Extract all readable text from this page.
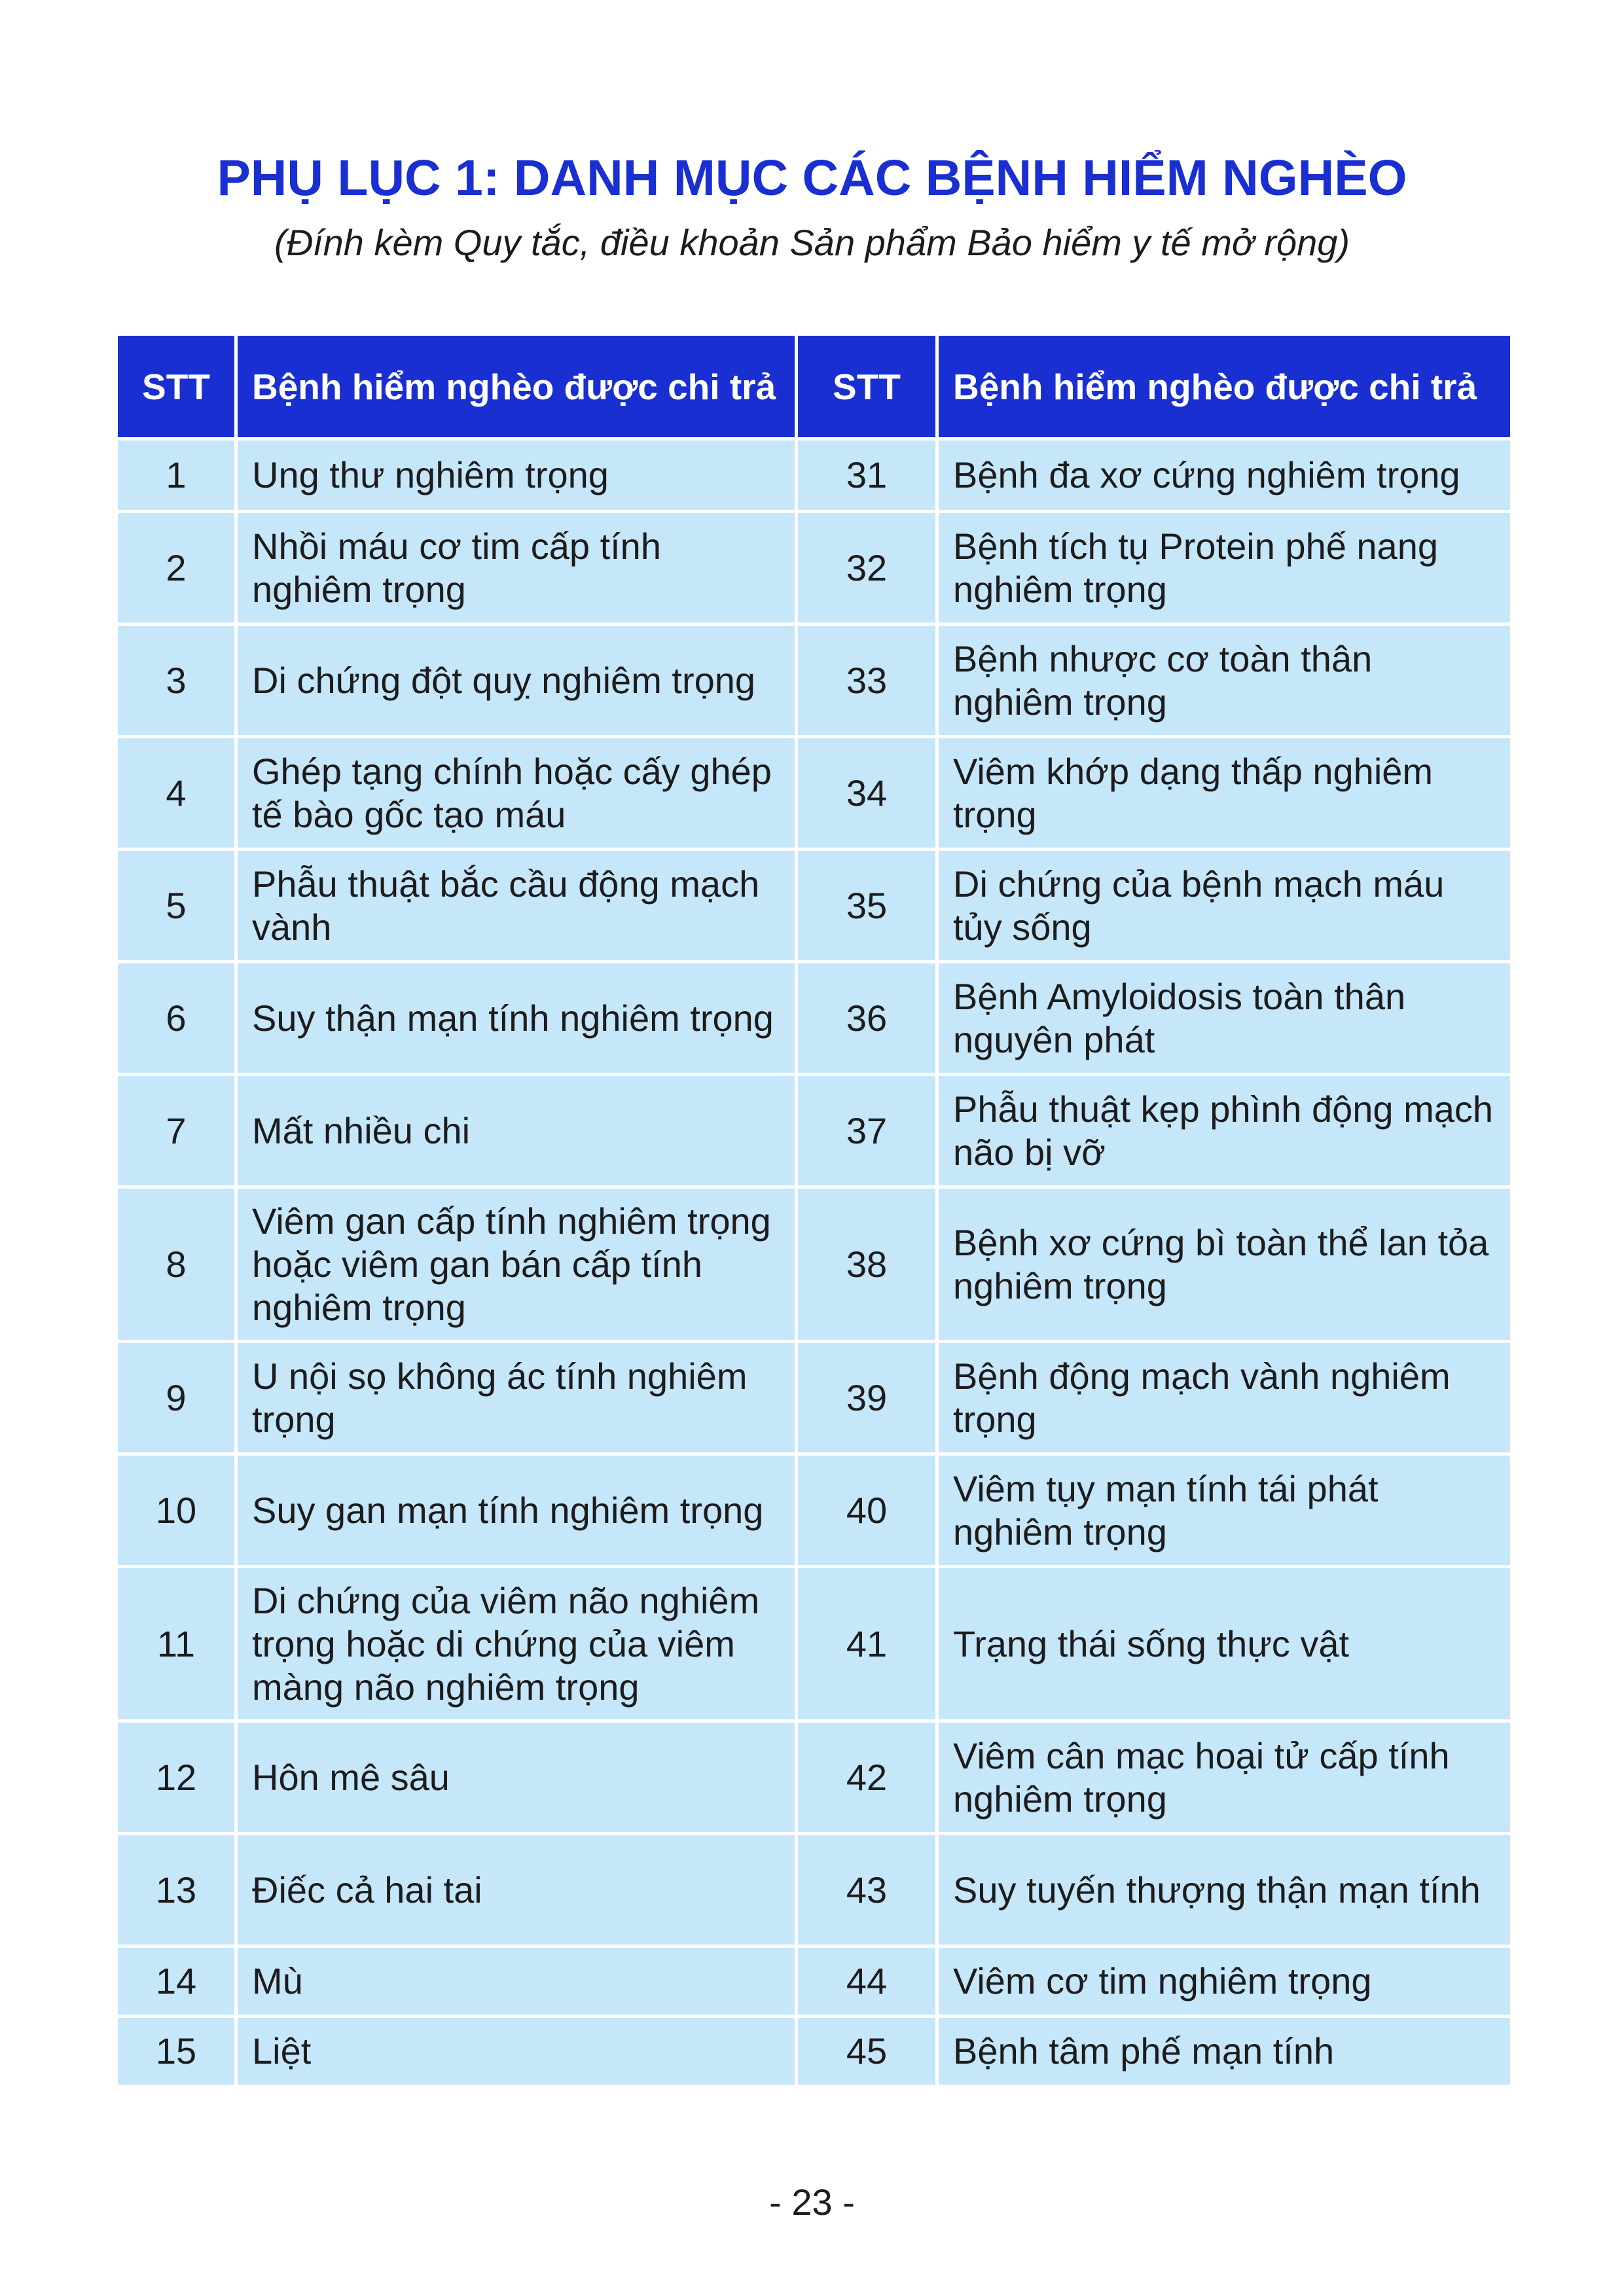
PHỤ LỤC 1: DANH MỤC CÁC BỆNH HIỂM NGHÈO

(Đính kèm Quy tắc, điều khoản Sản phẩm Bảo hiểm y tế mở rộng)

STT	Bệnh hiểm nghèo được chi trả	STT	Bệnh hiểm nghèo được chi trả
1	Ung thư nghiêm trọng	31	Bệnh đa xơ cứng nghiêm trọng
2	Nhồi máu cơ tim cấp tính nghiêm trọng	32	Bệnh tích tụ Protein phế nang nghiêm trọng
3	Di chứng đột quỵ nghiêm trọng	33	Bệnh nhược cơ toàn thân nghiêm trọng
4	Ghép tạng chính hoặc cấy ghép tế bào gốc tạo máu	34	Viêm khớp dạng thấp nghiêm trọng
5	Phẫu thuật bắc cầu động mạch vành	35	Di chứng của bệnh mạch máu tủy sống
6	Suy thận mạn tính nghiêm trọng	36	Bệnh Amyloidosis toàn thân nguyên phát
7	Mất nhiều chi	37	Phẫu thuật kẹp phình động mạch não bị vỡ
8	Viêm gan cấp tính nghiêm trọng hoặc viêm gan bán cấp tính nghiêm trọng	38	Bệnh xơ cứng bì toàn thể lan tỏa nghiêm trọng
9	U nội sọ không ác tính nghiêm trọng	39	Bệnh động mạch vành nghiêm trọng
10	Suy gan mạn tính nghiêm trọng	40	Viêm tụy mạn tính tái phát nghiêm trọng
11	Di chứng của viêm não nghiêm trọng hoặc di chứng của viêm màng não nghiêm trọng	41	Trạng thái sống thực vật
12	Hôn mê sâu	42	Viêm cân mạc hoại tử cấp tính nghiêm trọng
13	Điếc cả hai tai	43	Suy tuyến thượng thận mạn tính
14	Mù	44	Viêm cơ tim nghiêm trọng
15	Liệt	45	Bệnh tâm phế mạn tính
- 23 -
